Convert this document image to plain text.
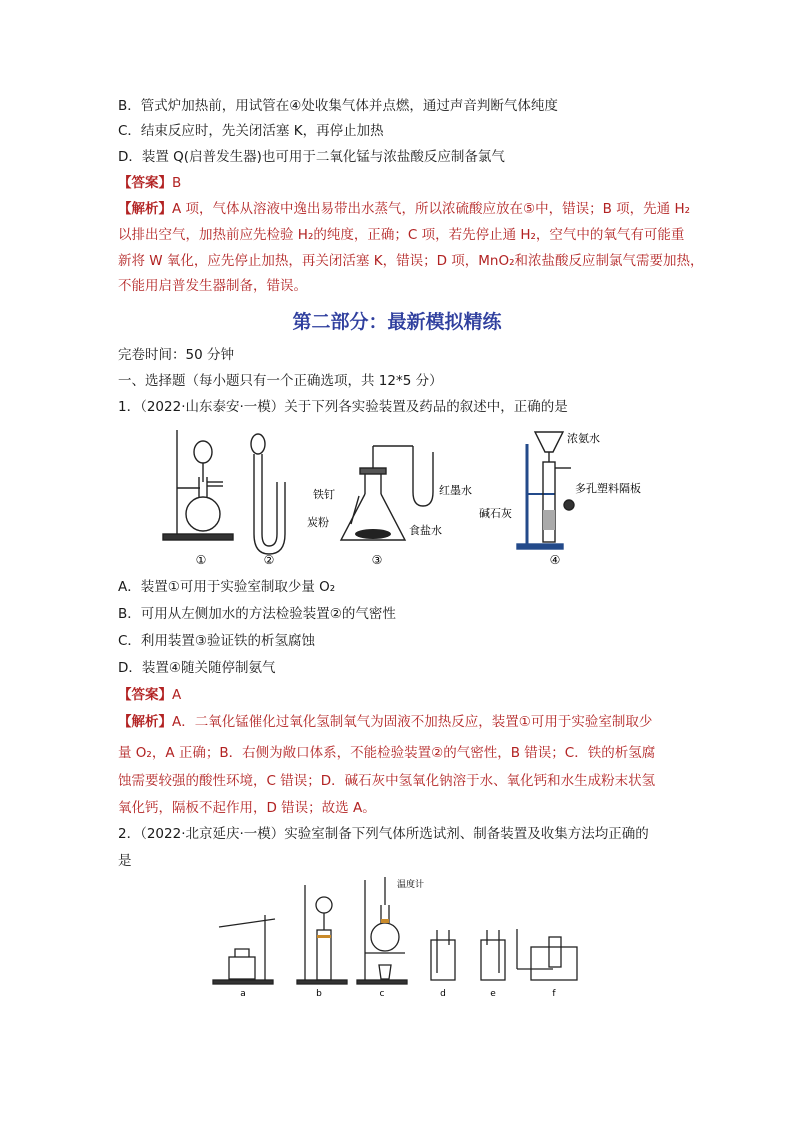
B．管式炉加热前，用试管在④处收集气体并点燃，通过声音判断气体纯度
C．结束反应时，先关闭活塞 K，再停止加热
D．装置 Q(启普发生器)也可用于二氧化锰与浓盐酸反应制备氯气
【答案】B
【解析】A 项，气体从溶液中逸出易带出水蒸气，所以浓硫酸应放在⑤中，错误；B 项，先通 H₂
以排出空气，加热前应先检验 H₂的纯度，正确；C 项，若先停止通 H₂，空气中的氧气有可能重
新将 W 氧化，应先停止加热，再关闭活塞 K，错误；D 项，MnO₂和浓盐酸反应制氯气需要加热，
不能用启普发生器制备，错误。
第二部分：最新模拟精练
完卷时间：50 分钟
一、选择题（每小题只有一个正确选项，共 12*5 分）
1．（2022·山东泰安·一模）关于下列各实验装置及药品的叙述中，正确的是
①	②	③	④
铁钉
炭粉
食盐水
红墨水
浓氨水
多孔塑料隔板
碱石灰
A．装置①可用于实验室制取少量 O₂
B．可用从左侧加水的方法检验装置②的气密性
C．利用装置③验证铁的析氢腐蚀
D．装置④随关随停制氨气
【答案】A
【解析】A．二氧化锰催化过氧化氢制氧气为固液不加热反应，装置①可用于实验室制取少
量 O₂，A 正确；B．右侧为敞口体系，不能检验装置②的气密性，B 错误；C．铁的析氢腐
蚀需要较强的酸性环境，C 错误；D．碱石灰中氢氧化钠溶于水、氧化钙和水生成粉末状氢
氧化钙，隔板不起作用，D 错误；故选 A。
2．（2022·北京延庆·一模）实验室制备下列气体所选试剂、制备装置及收集方法均正确的
是
温度计
a	b	c	d	e	f
